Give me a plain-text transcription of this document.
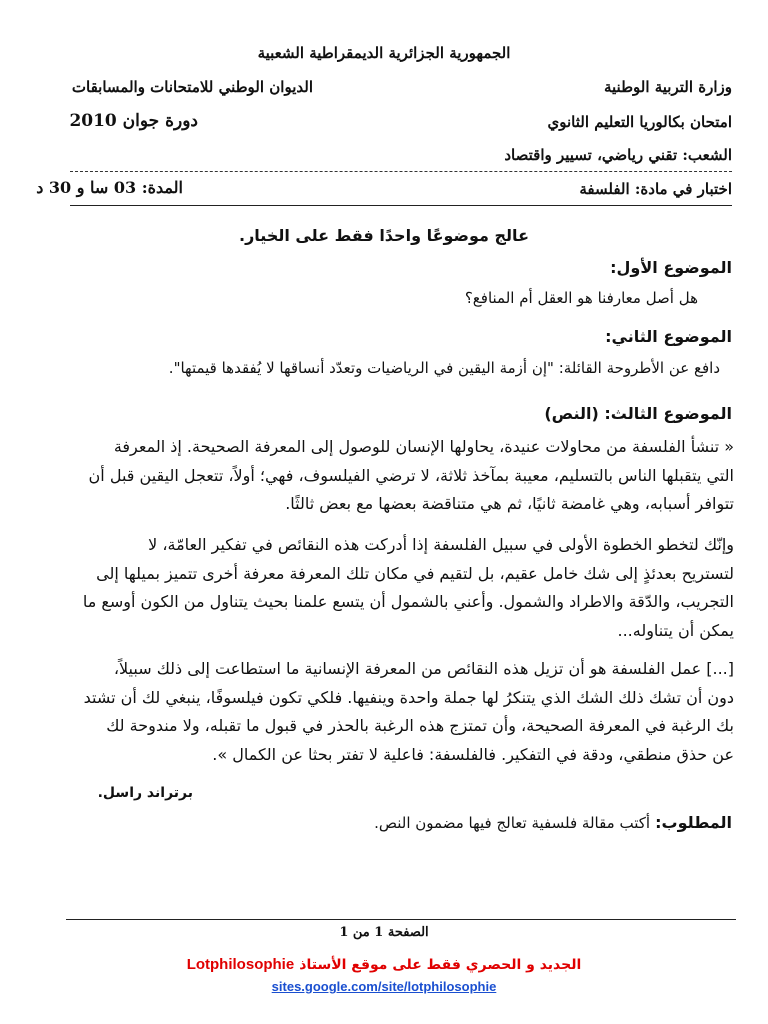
الجمهورية الجزائرية الديمقراطية الشعبية
وزارة التربية الوطنية
الديوان الوطني للامتحانات والمسابقات
امتحان بكالوريا التعليم الثانوي
دورة جوان 2010
الشعب: تقني رياضي، تسيير واقتصاد
اختبار في مادة: الفلسفة
المدة: 03 سا و 30 د
عالج موضوعًا واحدًا فقط على الخيار.
الموضوع الأول:
هل أصل معارفنا هو العقل أم المنافع؟
الموضوع الثاني:
دافع عن الأطروحة القائلة: "إن أزمة اليقين في الرياضيات وتعدّد أنساقها لا يُفقدها قيمتها".
الموضوع الثالث: (النص)
« تنشأ الفلسفة من محاولات عنيدة، يحاولها الإنسان للوصول إلى المعرفة الصحيحة. إذ المعرفة
التي يتقبلها الناس بالتسليم، معيبة بمآخذ ثلاثة، لا ترضي الفيلسوف، فهي؛ أولاً، تتعجل اليقين قبل أن
تتوافر أسبابه، وهي غامضة ثانيًا، ثم هي متناقضة بعضها مع بعض ثالثًا.
وإنّك لتخطو الخطوة الأولى في سبيل الفلسفة إذا أدركت هذه النقائص في تفكير العامّة، لا
لتستريح بعدئذٍ إلى شك خامل عقيم، بل لتقيم في مكان تلك المعرفة معرفة أخرى تتميز بميلها إلى
التجريب، والدّقة والاطراد والشمول. وأعني بالشمول أن يتسع علمنا بحيث يتناول من الكون أوسع ما
يمكن أن يتناوله...
[...] عمل الفلسفة هو أن تزيل هذه النقائص من المعرفة الإنسانية ما استطاعت إلى ذلك سبيلاً،
دون أن تشك ذلك الشك الذي يتنكرُ لها جملة واحدة وينفيها. فلكي تكون فيلسوفًا، ينبغي لك أن تشتد
بك الرغبة في المعرفة الصحيحة، وأن تمتزج هذه الرغبة بالحذر في قبول ما تقبله، ولا مندوحة لك
عن حذق منطقي، ودقة في التفكير. فالفلسفة: فاعلية لا تفتر بحثا عن الكمال ».
برتراند راسل.
المطلوب: أكتب مقالة فلسفية تعالج فيها مضمون النص.
الصفحة 1 من 1
الجديد و الحصري فقط على موقع الأستاذ Lotphilosophie
sites.google.com/site/lotphilosophie
